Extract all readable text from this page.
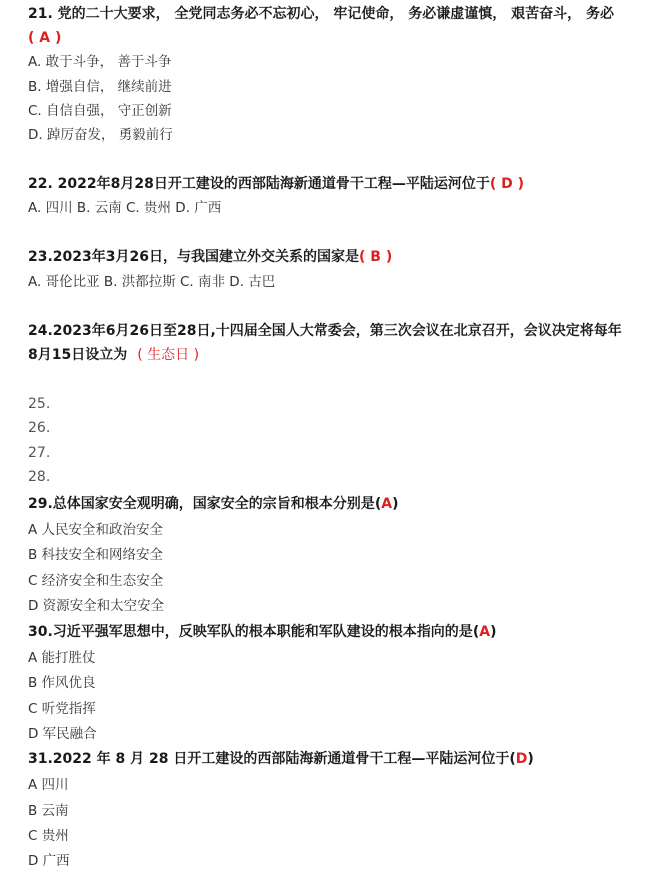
21. 党的二十大要求， 全党同志务必不忘初心， 牢记使命， 务必谦虚谨慎， 艰苦奋斗， 务必
( A )
A. 敢于斗争， 善于斗争
B. 增强自信， 继续前进
C. 自信自强， 守正创新
D. 踔厉奋发， 勇毅前行
22. 2022年8月28日开工建设的西部陆海新通道骨干工程—平陆运河位于( D )
A. 四川 B. 云南 C. 贵州 D. 广西
23.2023年3月26日，与我国建立外交关系的国家是( B )
A. 哥伦比亚 B. 洪都拉斯 C. 南非 D. 古巴
24.2023年6月26日至28日,十四届全国人大常委会，第三次会议在北京召开，会议决定将每年
8月15日设立为 ( 生态日 )
25.
26.
27.
28.
29.总体国家安全观明确，国家安全的宗旨和根本分别是(A)
A 人民安全和政治安全
B 科技安全和网络安全
C 经济安全和生态安全
D 资源安全和太空安全
30.习近平强军思想中，反映军队的根本职能和军队建设的根本指向的是(A)
A 能打胜仗
B 作风优良
C 听党指挥
D 军民融合
31.2022 年 8 月 28 日开工建设的西部陆海新通道骨干工程—平陆运河位于(D)
A 四川
B 云南
C 贵州
D 广西
